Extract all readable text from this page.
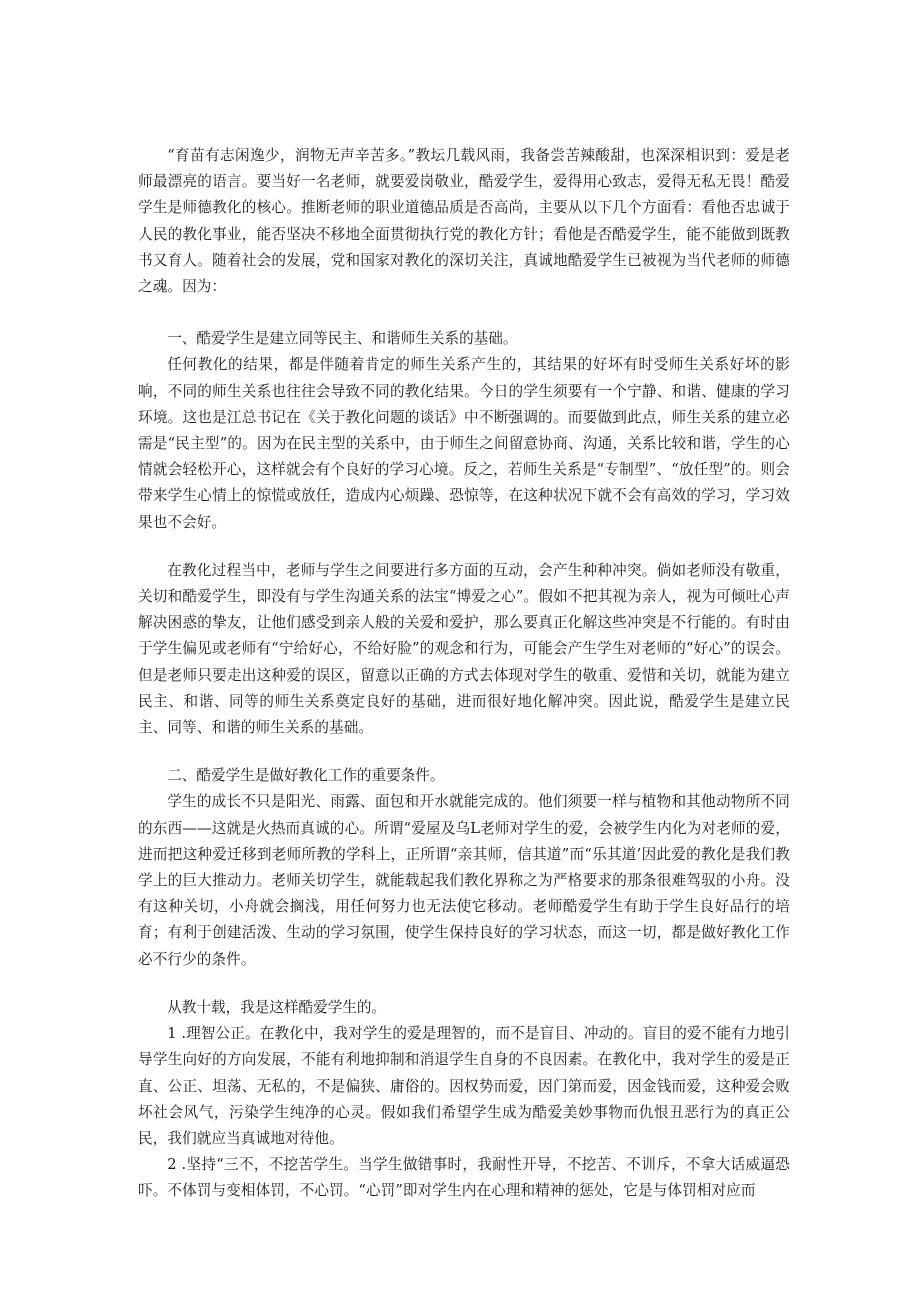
“育苗有志闲逸少，润物无声辛苦多。”教坛几载风雨，我备尝苦辣酸甜，也深深相识到：爱是老师最漂亮的语言。要当好一名老师，就要爱岗敬业，酷爱学生，爱得用心致志，爱得无私无畏！酷爱学生是师德教化的核心。推断老师的职业道德品质是否高尚，主要从以下几个方面看：看他否忠诚于人民的教化事业，能否坚决不移地全面贯彻执行党的教化方针；看他是否酷爱学生，能不能做到既教书又育人。随着社会的发展，党和国家对教化的深切关注，真诚地酷爱学生已被视为当代老师的师德之魂。因为：

一、酷爱学生是建立同等民主、和谐师生关系的基础。

任何教化的结果，都是伴随着肯定的师生关系产生的，其结果的好坏有时受师生关系好坏的影响，不同的师生关系也往往会导致不同的教化结果。今日的学生须要有一个宁静、和谐、健康的学习环境。这也是江总书记在《关于教化问题的谈话》中不断强调的。而要做到此点，师生关系的建立必需是“民主型”的。因为在民主型的关系中，由于师生之间留意协商、沟通，关系比较和谐，学生的心情就会轻松开心，这样就会有个良好的学习心境。反之，若师生关系是“专制型”、“放任型”的。则会带来学生心情上的惊慌或放任，造成内心烦躁、恐惊等，在这种状况下就不会有高效的学习，学习效果也不会好。

在教化过程当中，老师与学生之间要进行多方面的互动，会产生种种冲突。倘如老师没有敬重，关切和酷爱学生，即没有与学生沟通关系的法宝“博爱之心”。假如不把其视为亲人，视为可倾吐心声解决困惑的挚友，让他们感受到亲人般的关爱和爱护，那么要真正化解这些冲突是不行能的。有时由于学生偏见或老师有“宁给好心，不给好脸”的观念和行为，可能会产生学生对老师的“好心”的误会。但是老师只要走出这种爱的误区，留意以正确的方式去体现对学生的敬重、爱惜和关切，就能为建立民主、和谐、同等的师生关系奠定良好的基础，进而很好地化解冲突。因此说，酷爱学生是建立民主、同等、和谐的师生关系的基础。

二、酷爱学生是做好教化工作的重要条件。

学生的成长不只是阳光、雨露、面包和开水就能完成的。他们须要一样与植物和其他动物所不同的东西——这就是火热而真诚的心。所谓“爱屋及乌L老师对学生的爱，会被学生内化为对老师的爱，进而把这种爱迁移到老师所教的学科上，正所谓“亲其师，信其道”而“乐其道’因此爱的教化是我们教学上的巨大推动力。老师关切学生，就能载起我们教化界称之为严格要求的那条很难驾驭的小舟。没有这种关切，小舟就会搁浅，用任何努力也无法使它移动。老师酷爱学生有助于学生良好品行的培育；有利于创建活泼、生动的学习氛围，使学生保持良好的学习状态，而这一切，都是做好教化工作必不行少的条件。

从教十载，我是这样酷爱学生的。

1 .理智公正。在教化中，我对学生的爱是理智的，而不是盲目、冲动的。盲目的爱不能有力地引导学生向好的方向发展，不能有利地抑制和消退学生自身的不良因素。在教化中，我对学生的爱是正直、公正、坦荡、无私的，不是偏狭、庸俗的。因权势而爱，因门第而爱，因金钱而爱，这种爱会败坏社会风气，污染学生纯净的心灵。假如我们希望学生成为酷爱美妙事物而仇恨丑恶行为的真正公民，我们就应当真诚地对待他。

2 .坚持“三不，不挖苦学生。当学生做错事时，我耐性开导，不挖苦、不训斥，不拿大话威逼恐吓。不体罚与变相体罚，不心罚。“心罚”即对学生内在心理和精神的惩处，它是与体罚相对应而
